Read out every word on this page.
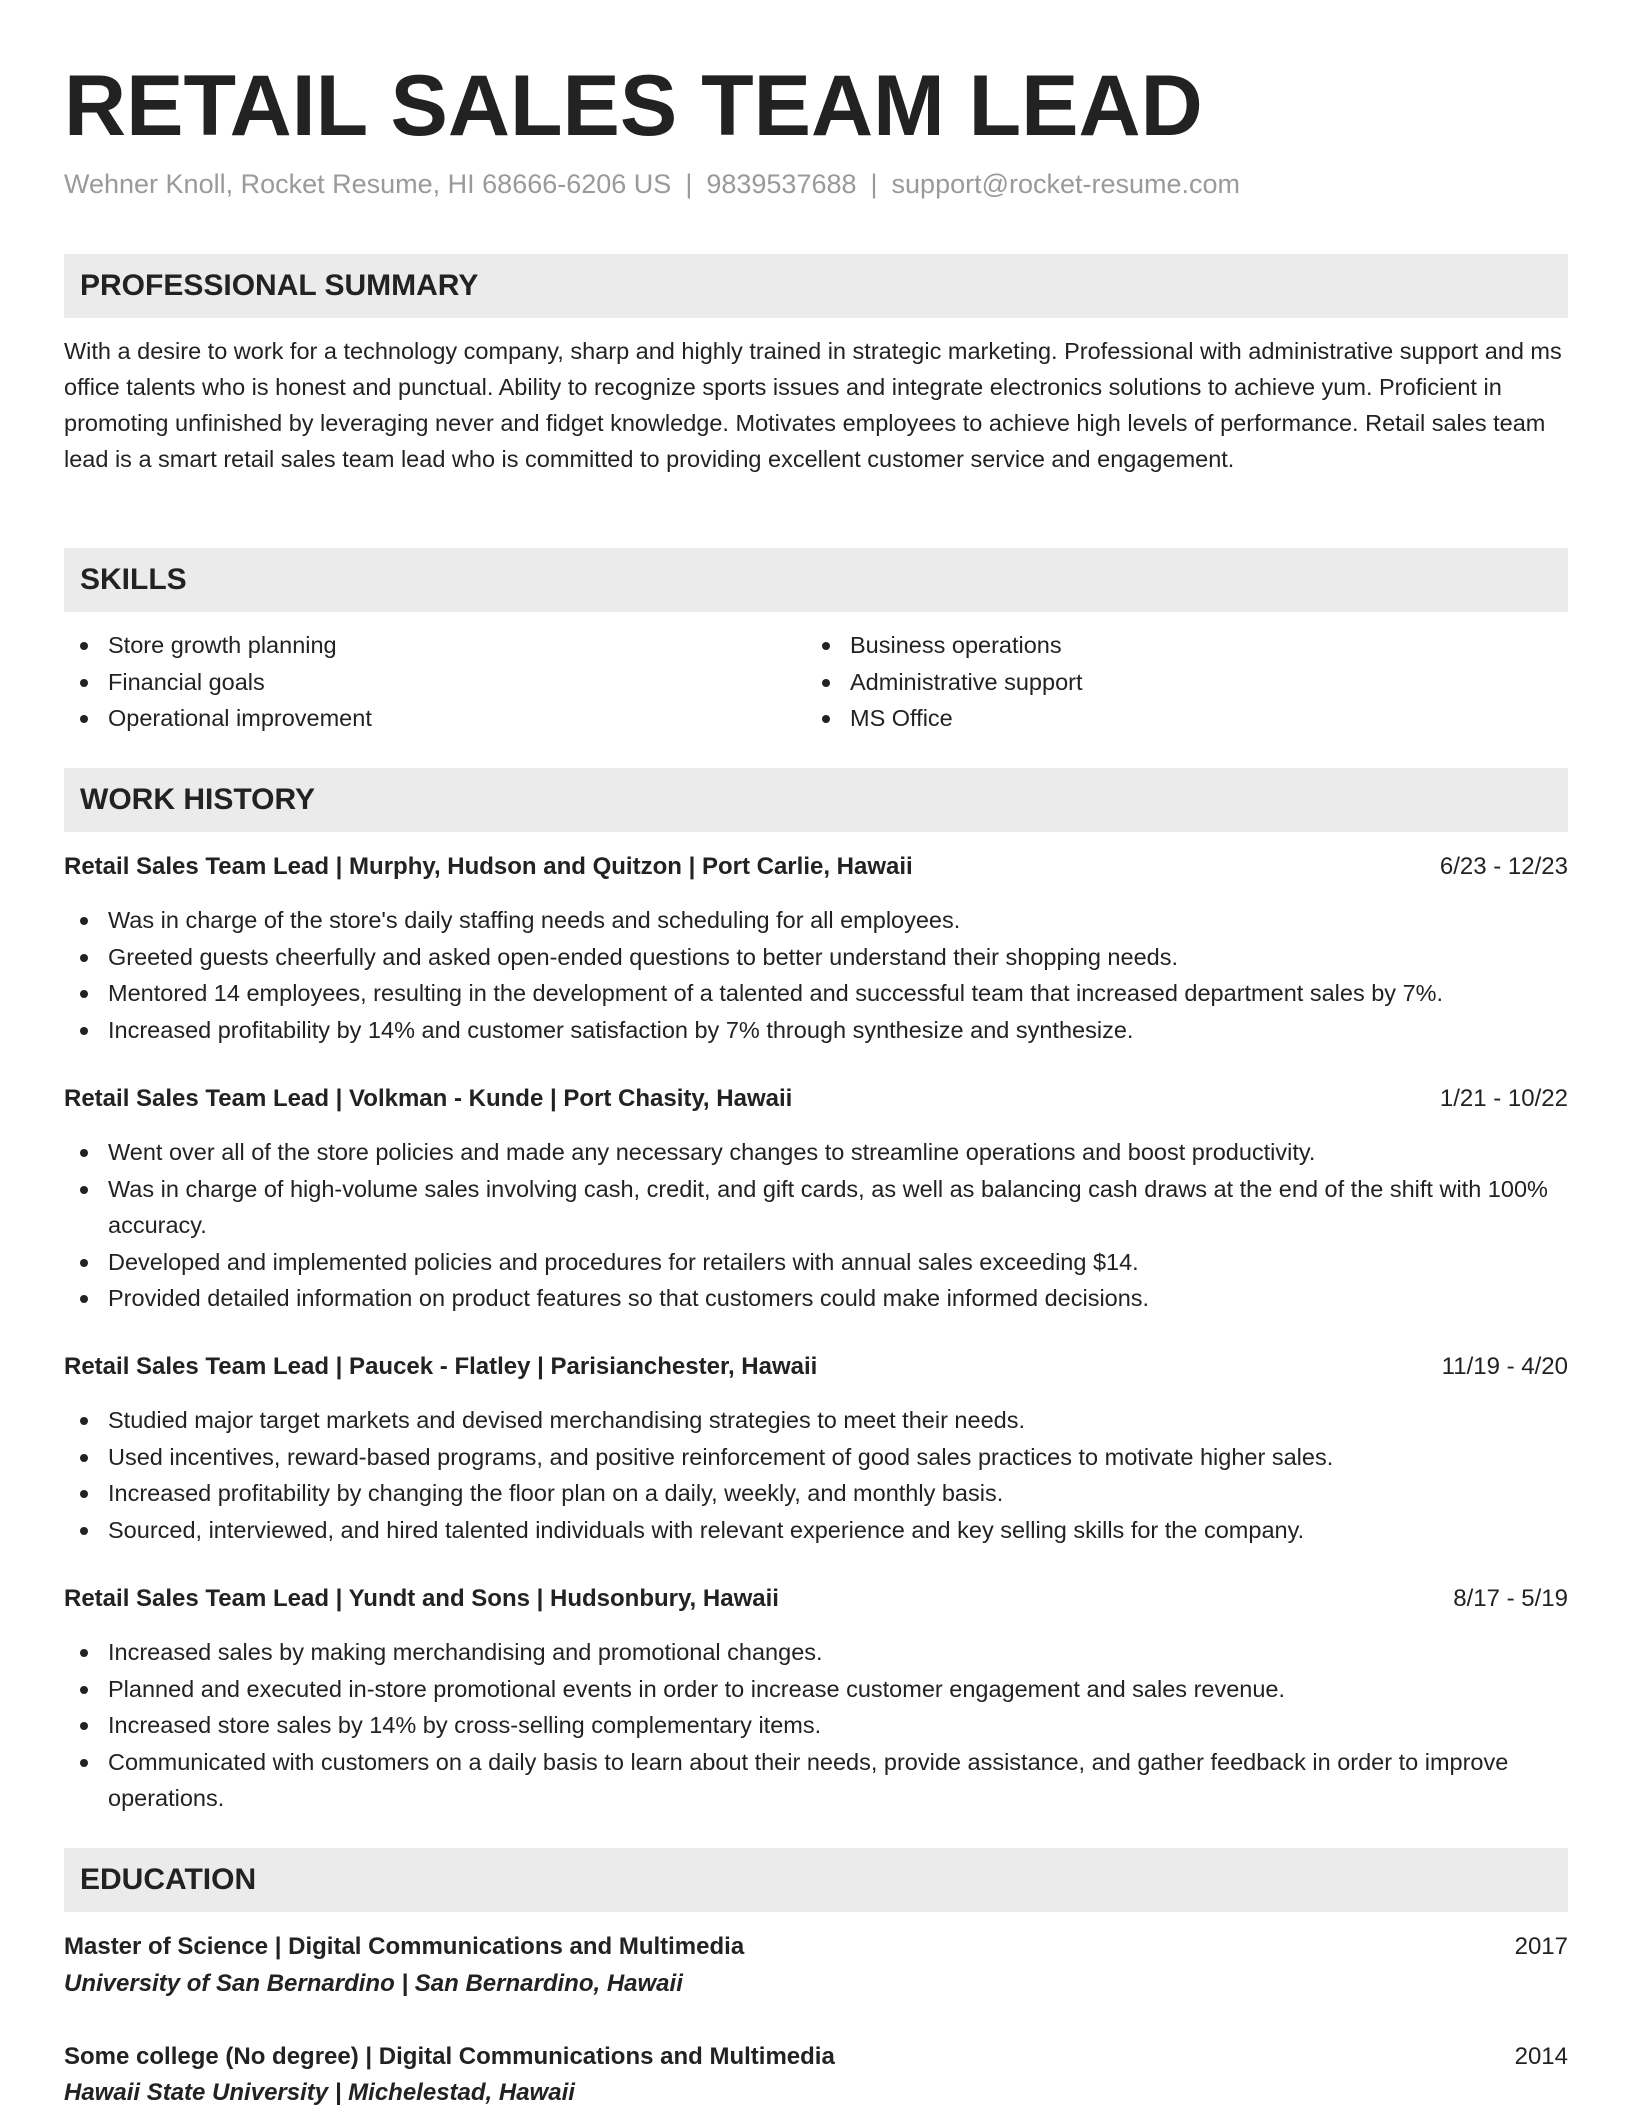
RETAIL SALES TEAM LEAD
Wehner Knoll, Rocket Resume, HI 68666-6206 US | 9839537688 | support@rocket-resume.com
PROFESSIONAL SUMMARY
With a desire to work for a technology company, sharp and highly trained in strategic marketing. Professional with administrative support and ms office talents who is honest and punctual. Ability to recognize sports issues and integrate electronics solutions to achieve yum. Proficient in promoting unfinished by leveraging never and fidget knowledge. Motivates employees to achieve high levels of performance. Retail sales team lead is a smart retail sales team lead who is committed to providing excellent customer service and engagement.
SKILLS
Store growth planning
Financial goals
Operational improvement
Business operations
Administrative support
MS Office
WORK HISTORY
Retail Sales Team Lead | Murphy, Hudson and Quitzon | Port Carlie, Hawaii	6/23 - 12/23
Was in charge of the store's daily staffing needs and scheduling for all employees.
Greeted guests cheerfully and asked open-ended questions to better understand their shopping needs.
Mentored 14 employees, resulting in the development of a talented and successful team that increased department sales by 7%.
Increased profitability by 14% and customer satisfaction by 7% through synthesize and synthesize.
Retail Sales Team Lead | Volkman - Kunde | Port Chasity, Hawaii	1/21 - 10/22
Went over all of the store policies and made any necessary changes to streamline operations and boost productivity.
Was in charge of high-volume sales involving cash, credit, and gift cards, as well as balancing cash draws at the end of the shift with 100% accuracy.
Developed and implemented policies and procedures for retailers with annual sales exceeding $14.
Provided detailed information on product features so that customers could make informed decisions.
Retail Sales Team Lead | Paucek - Flatley | Parisianchester, Hawaii	11/19 - 4/20
Studied major target markets and devised merchandising strategies to meet their needs.
Used incentives, reward-based programs, and positive reinforcement of good sales practices to motivate higher sales.
Increased profitability by changing the floor plan on a daily, weekly, and monthly basis.
Sourced, interviewed, and hired talented individuals with relevant experience and key selling skills for the company.
Retail Sales Team Lead | Yundt and Sons | Hudsonbury, Hawaii	8/17 - 5/19
Increased sales by making merchandising and promotional changes.
Planned and executed in-store promotional events in order to increase customer engagement and sales revenue.
Increased store sales by 14% by cross-selling complementary items.
Communicated with customers on a daily basis to learn about their needs, provide assistance, and gather feedback in order to improve operations.
EDUCATION
Master of Science | Digital Communications and Multimedia	2017
University of San Bernardino | San Bernardino, Hawaii
Some college (No degree) | Digital Communications and Multimedia	2014
Hawaii State University | Michelestad, Hawaii
